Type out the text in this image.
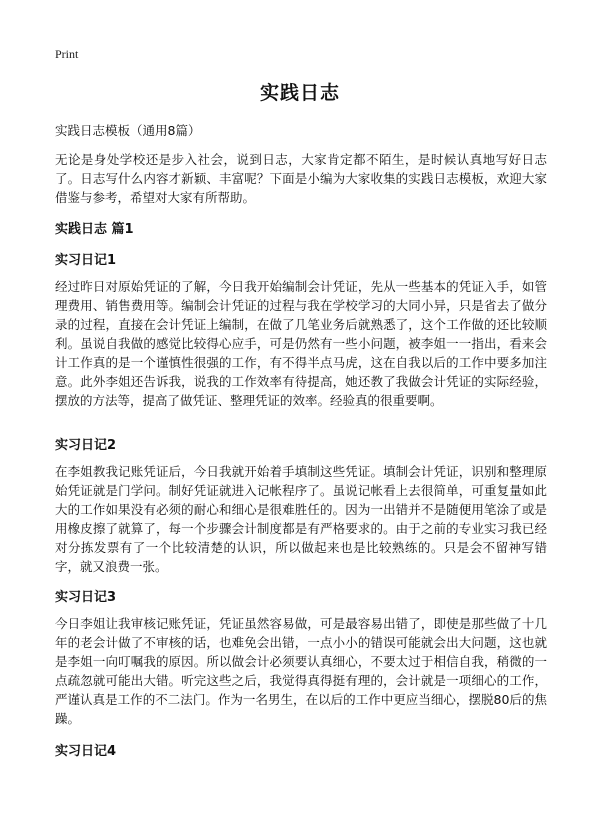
Print
实践日志
实践日志模板（通用8篇）

无论是身处学校还是步入社会，说到日志，大家肯定都不陌生，是时候认真地写好日志了。日志写什么内容才新颖、丰富呢？下面是小编为大家收集的实践日志模板，欢迎大家借鉴与参考，希望对大家有所帮助。

实践日志 篇1
实习日记1

经过昨日对原始凭证的了解，今日我开始编制会计凭证，先从一些基本的凭证入手，如管理费用、销售费用等。编制会计凭证的过程与我在学校学习的大同小异，只是省去了做分录的过程，直接在会计凭证上编制，在做了几笔业务后就熟悉了，这个工作做的还比较顺利。虽说自我做的感觉比较得心应手，可是仍然有一些小问题，被李姐一一指出，看来会计工作真的是一个谨慎性很强的工作，有不得半点马虎，这在自我以后的工作中要多加注意。此外李姐还告诉我，说我的工作效率有待提高，她还教了我做会计凭证的实际经验，摆放的方法等，提高了做凭证、整理凭证的效率。经验真的很重要啊。

实习日记2

在李姐教我记账凭证后，今日我就开始着手填制这些凭证。填制会计凭证，识别和整理原始凭证就是门学问。制好凭证就进入记帐程序了。虽说记帐看上去很简单，可重复量如此大的工作如果没有必须的耐心和细心是很难胜任的。因为一出错并不是随便用笔涂了或是用橡皮擦了就算了，每一个步骤会计制度都是有严格要求的。由于之前的专业实习我已经对分拣发票有了一个比较清楚的认识，所以做起来也是比较熟练的。只是会不留神写错字，就又浪费一张。

实习日记3

今日李姐让我审核记账凭证，凭证虽然容易做，可是最容易出错了，即使是那些做了十几年的老会计做了不审核的话，也难免会出错，一点小小的错误可能就会出大问题，这也就是李姐一向叮嘱我的原因。所以做会计必须要认真细心，不要太过于相信自我，稍微的一点疏忽就可能出大错。听完这些之后，我觉得真得挺有理的，会计就是一项细心的工作，严谨认真是工作的不二法门。作为一名男生，在以后的工作中更应当细心，摆脱80后的焦躁。

实习日记4
